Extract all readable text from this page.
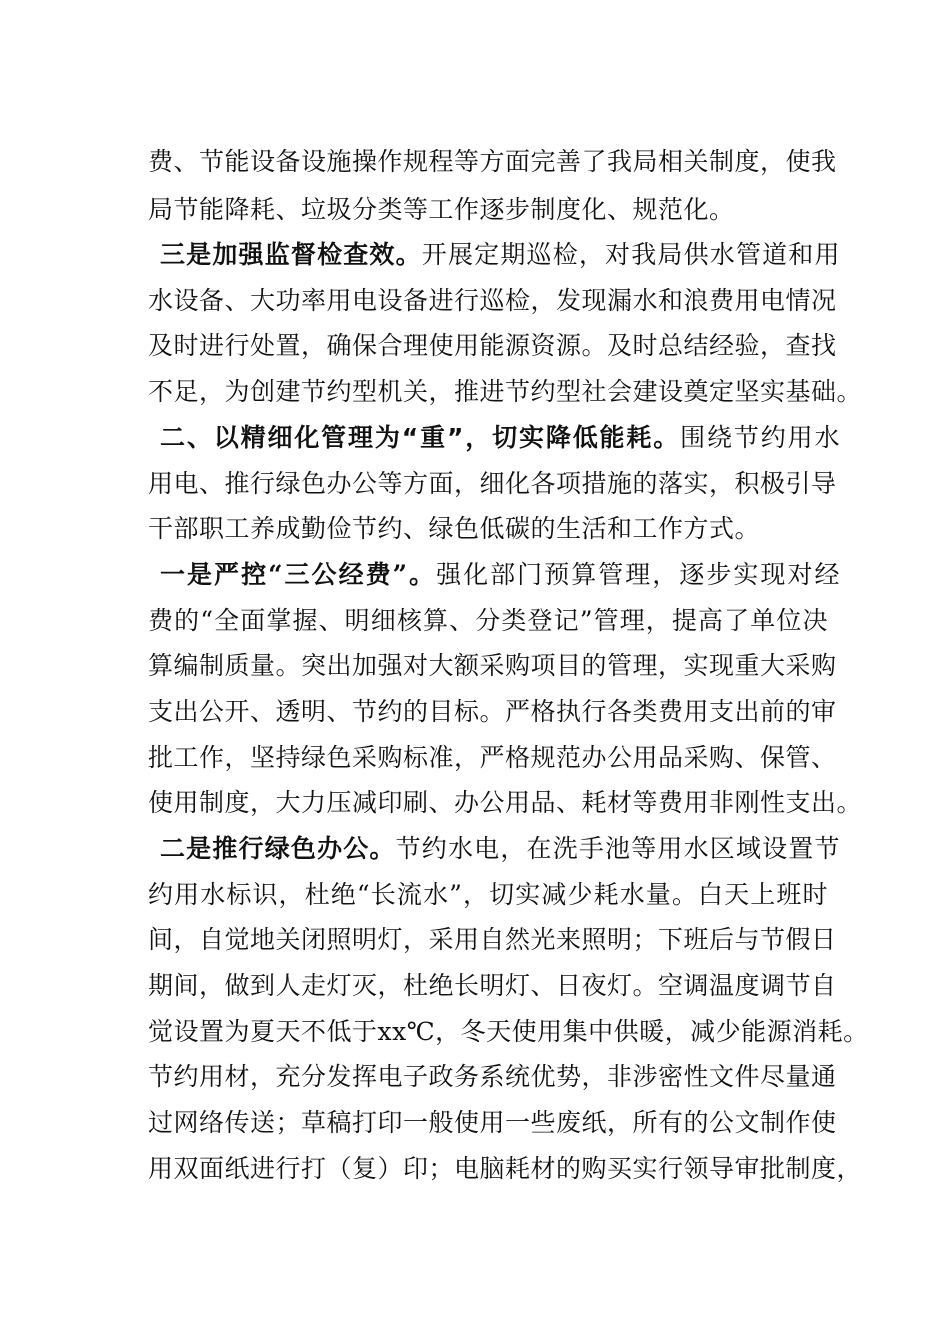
费、节能设备设施操作规程等方面完善了我局相关制度，使我

局节能降耗、垃圾分类等工作逐步制度化、规范化。

三是加强监督检查效。开展定期巡检，对我局供水管道和用

水设备、大功率用电设备进行巡检，发现漏水和浪费用电情况

及时进行处置，确保合理使用能源资源。及时总结经验，查找

不足，为创建节约型机关，推进节约型社会建设奠定坚实基础。

二、以精细化管理为“重”，切实降低能耗。围绕节约用水

用电、推行绿色办公等方面，细化各项措施的落实，积极引导

干部职工养成勤俭节约、绿色低碳的生活和工作方式。

一是严控“三公经费”。强化部门预算管理，逐步实现对经

费的“全面掌握、明细核算、分类登记”管理，提高了单位决

算编制质量。突出加强对大额采购项目的管理，实现重大采购

支出公开、透明、节约的目标。严格执行各类费用支出前的审

批工作，坚持绿色采购标准，严格规范办公用品采购、保管、

使用制度，大力压减印刷、办公用品、耗材等费用非刚性支出。

二是推行绿色办公。节约水电，在洗手池等用水区域设置节

约用水标识，杜绝“长流水”，切实减少耗水量。白天上班时

间，自觉地关闭照明灯，采用自然光来照明；下班后与节假日

期间，做到人走灯灭，杜绝长明灯、日夜灯。空调温度调节自

觉设置为夏天不低于xx℃，冬天使用集中供暖，减少能源消耗。

节约用材，充分发挥电子政务系统优势，非涉密性文件尽量通

过网络传送；草稿打印一般使用一些废纸，所有的公文制作使

用双面纸进行打（复）印；电脑耗材的购买实行领导审批制度，
